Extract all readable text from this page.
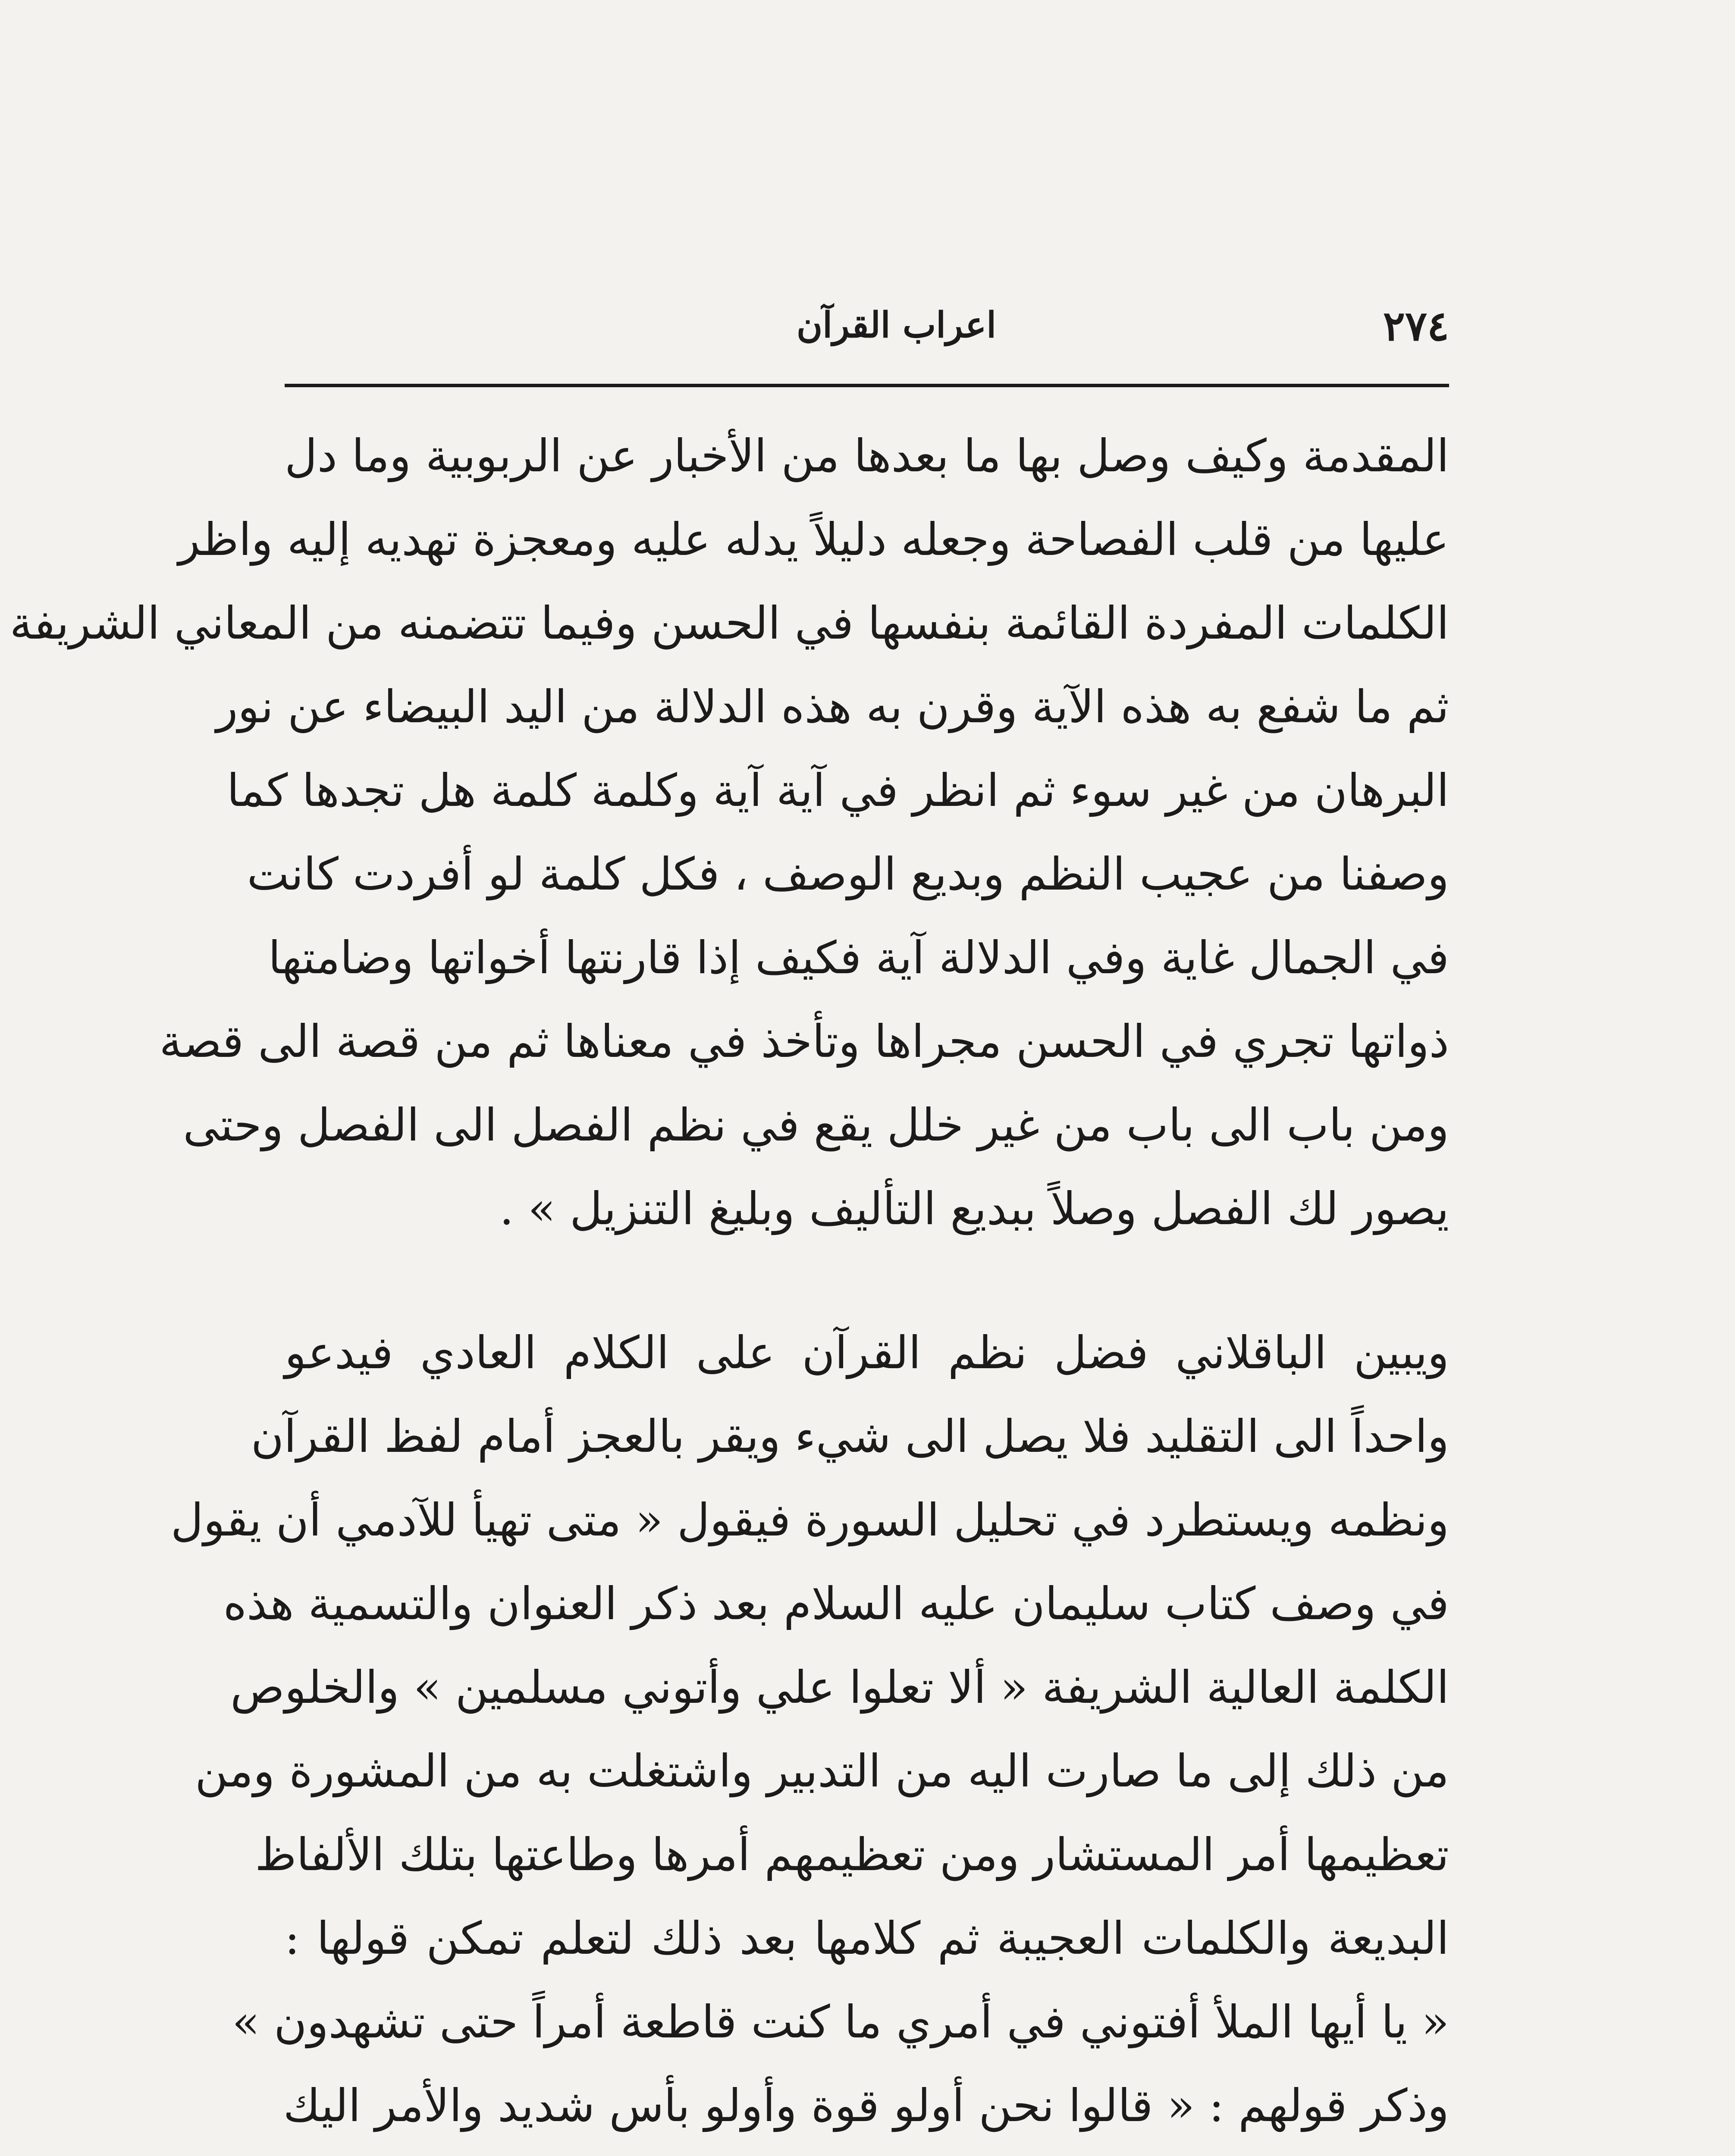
٢٧٤
اعراب القرآن
المقدمة وكيف وصل بها ما بعدها من الأخبار عن الربوبية وما دل
عليها من قلب الفصاحة وجعله دليلاً يدله عليه ومعجزة تهديه إليه واظر
الكلمات المفردة القائمة بنفسها في الحسن وفيما تتضمنه من المعاني الشريفة
ثم ما شفع به هذه الآية وقرن به هذه الدلالة من اليد البيضاء عن نور
البرهان من غير سوء ثم انظر في آية آية وكلمة كلمة هل تجدها كما
وصفنا من عجيب النظم وبديع الوصف ، فكل كلمة لو أفردت كانت
في الجمال غاية وفي الدلالة آية فكيف إذا قارنتها أخواتها وضامتها
ذواتها تجري في الحسن مجراها وتأخذ في معناها ثم من قصة الى قصة
ومن باب الى باب من غير خلل يقع في نظم الفصل الى الفصل وحتى
يصور لك الفصل وصلاً ببديع التأليف وبليغ التنزيل » .
ويبين الباقلاني فضل نظم القرآن على الكلام العادي فيدعو
واحداً الى التقليد فلا يصل الى شيء ويقر بالعجز أمام لفظ القرآن
ونظمه ويستطرد في تحليل السورة فيقول « متى تهيأ للآدمي أن يقول
في وصف كتاب سليمان عليه السلام بعد ذكر العنوان والتسمية هذه
الكلمة العالية الشريفة « ألا تعلوا علي وأتوني مسلمين » والخلوص
من ذلك إلى ما صارت اليه من التدبير واشتغلت به من المشورة ومن
تعظيمها أمر المستشار ومن تعظيمهم أمرها وطاعتها بتلك الألفاظ
البديعة والكلمات العجيبة ثم كلامها بعد ذلك لتعلم تمكن قولها :
« يا أيها الملأ أفتوني في أمري ما كنت قاطعة أمراً حتى تشهدون »
وذكر قولهم : « قالوا نحن أولو قوة وأولو بأس شديد والأمر اليك
